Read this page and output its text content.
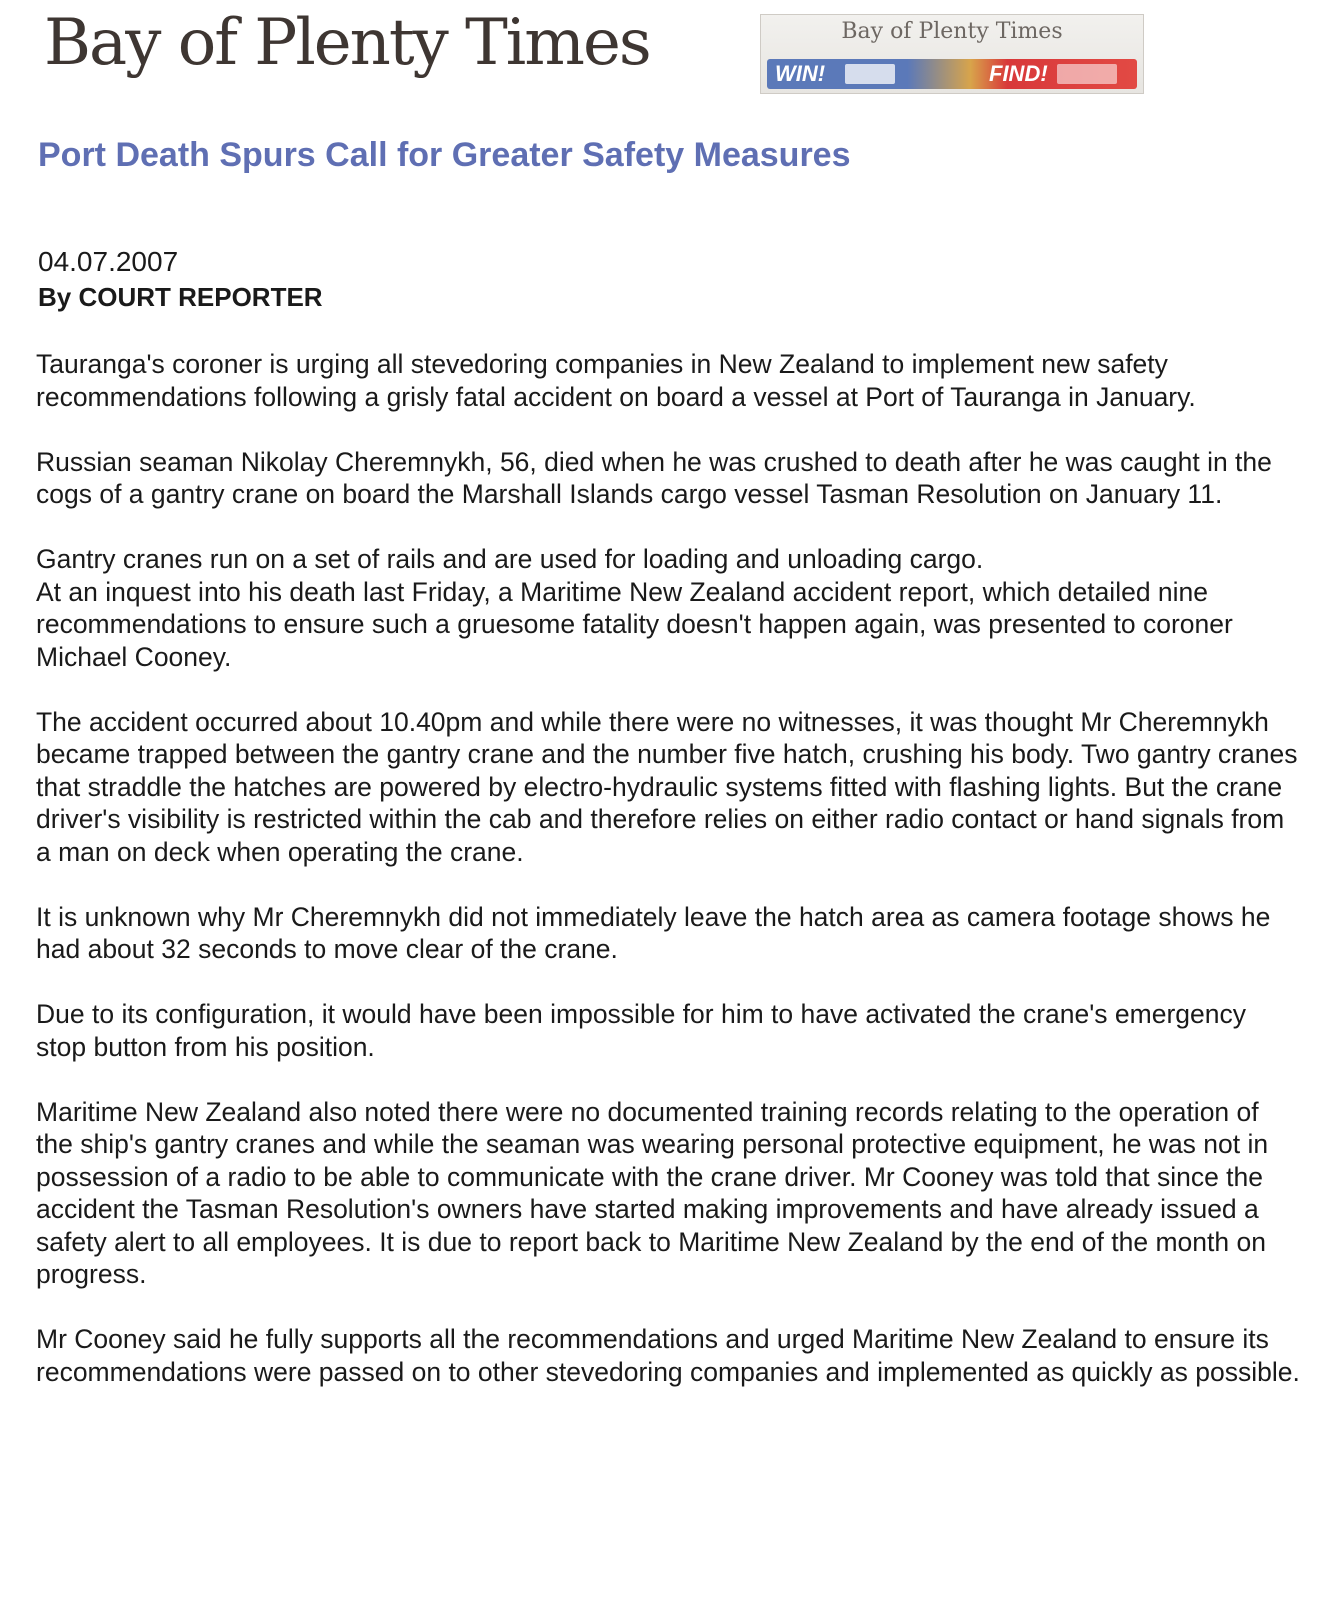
Bay of Plenty Times	Bay of Plenty Times
WIN!	FIND!
Port Death Spurs Call for Greater Safety Measures
04.07.2007
By COURT REPORTER

Tauranga's coroner is urging all stevedoring companies in New Zealand to implement new safety recommendations following a grisly fatal accident on board a vessel at Port of Tauranga in January.

Russian seaman Nikolay Cheremnykh, 56, died when he was crushed to death after he was caught in the cogs of a gantry crane on board the Marshall Islands cargo vessel Tasman Resolution on January 11.

Gantry cranes run on a set of rails and are used for loading and unloading cargo.
At an inquest into his death last Friday, a Maritime New Zealand accident report, which detailed nine recommendations to ensure such a gruesome fatality doesn't happen again, was presented to coroner Michael Cooney.

The accident occurred about 10.40pm and while there were no witnesses, it was thought Mr Cheremnykh became trapped between the gantry crane and the number five hatch, crushing his body. Two gantry cranes that straddle the hatches are powered by electro-hydraulic systems fitted with flashing lights. But the crane driver's visibility is restricted within the cab and therefore relies on either radio contact or hand signals from a man on deck when operating the crane.

It is unknown why Mr Cheremnykh did not immediately leave the hatch area as camera footage shows he had about 32 seconds to move clear of the crane.

Due to its configuration, it would have been impossible for him to have activated the crane's emergency stop button from his position.

Maritime New Zealand also noted there were no documented training records relating to the operation of the ship's gantry cranes and while the seaman was wearing personal protective equipment, he was not in possession of a radio to be able to communicate with the crane driver. Mr Cooney was told that since the accident the Tasman Resolution's owners have started making improvements and have already issued a safety alert to all employees. It is due to report back to Maritime New Zealand by the end of the month on progress.

Mr Cooney said he fully supports all the recommendations and urged Maritime New Zealand to ensure its recommendations were passed on to other stevedoring companies and implemented as quickly as possible.
